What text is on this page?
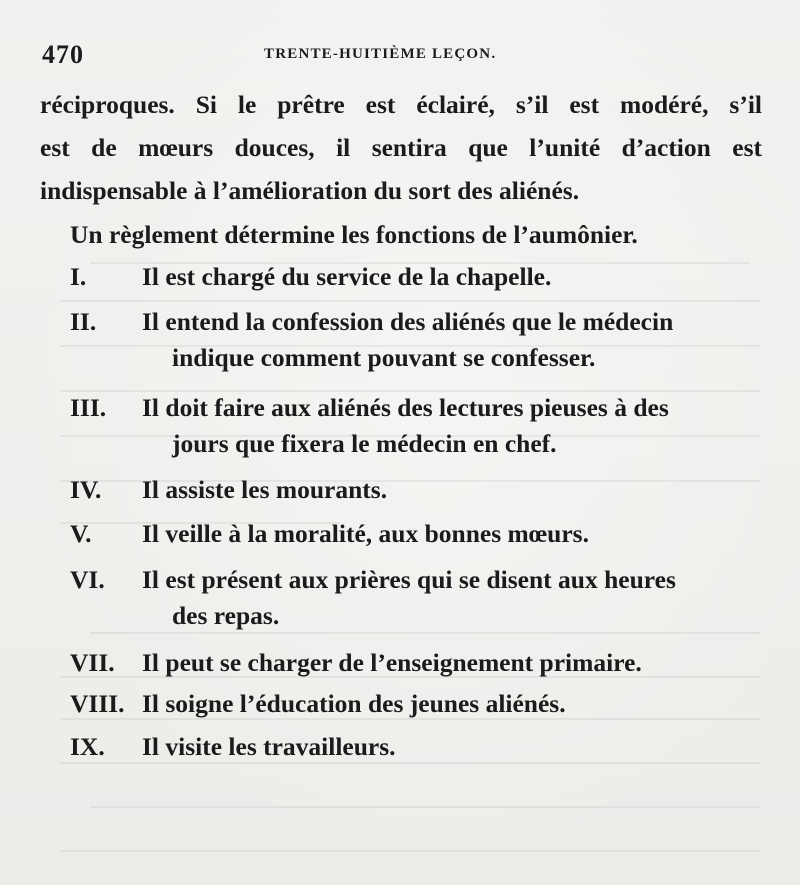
470	TRENTE-HUITIÈME LEÇON.
réciproques. Si le prêtre est éclairé, s’il est modéré, s’il
est de mœurs douces, il sentira que l’unité d’action est
indispensable à l’amélioration du sort des aliénés.
Un règlement détermine les fonctions de l’aumônier.
I. Il est chargé du service de la chapelle.
II. Il entend la confession des aliénés que le médecin
indique comment pouvant se confesser.
III. Il doit faire aux aliénés des lectures pieuses à des
jours que fixera le médecin en chef.
IV. Il assiste les mourants.
V. Il veille à la moralité, aux bonnes mœurs.
VI. Il est présent aux prières qui se disent aux heures
des repas.
VII. Il peut se charger de l’enseignement primaire.
VIII. Il soigne l’éducation des jeunes aliénés.
IX. Il visite les travailleurs.
